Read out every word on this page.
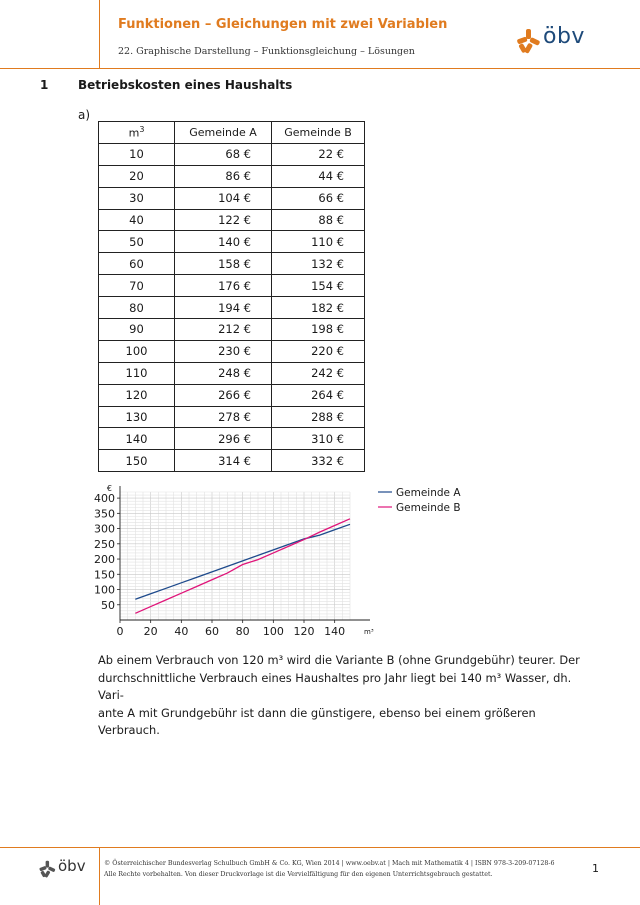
Funktionen – Gleichungen mit zwei Variablen
22. Graphische Darstellung – Funktionsgleichung – Lösungen
öbv
1 Betriebskosten eines Haushalts
a)
$m^3$	Gemeinde A	Gemeinde B
10	68 €	22 €
20	86 €	44 €
30	104 €	66 €
40	122 €	88 €
50	140 €	110 €
60	158 €	132 €
70	176 €	154 €
80	194 €	182 €
90	212 €	198 €
100	230 €	220 €
110	248 €	242 €
120	266 €	264 €
130	278 €	288 €
140	296 €	310 €
150	314 €	332 €
0 20 40 60 80 100 120 140
50
100
150
200
250
300
350
400
€
m³
Gemeinde A
Gemeinde B
Ab einem Verbrauch von 120 m³ wird die Variante B (ohne Grundgebühr) teurer. Der
durchschnittliche Verbrauch eines Haushaltes pro Jahr liegt bei 140 m³ Wasser, dh. Vari-
ante A mit Grundgebühr ist dann die günstigere, ebenso bei einem größeren Verbrauch.
öbv	© Österreichischer Bundesverlag Schulbuch GmbH & Co. KG, Wien 2014 | www.oebv.at | Mach mit Mathematik 4 | ISBN 978-3-209-07128-6
Alle Rechte vorbehalten. Von dieser Druckvorlage ist die Vervielfältigung für den eigenen Unterrichtsgebrauch gestattet.	1
